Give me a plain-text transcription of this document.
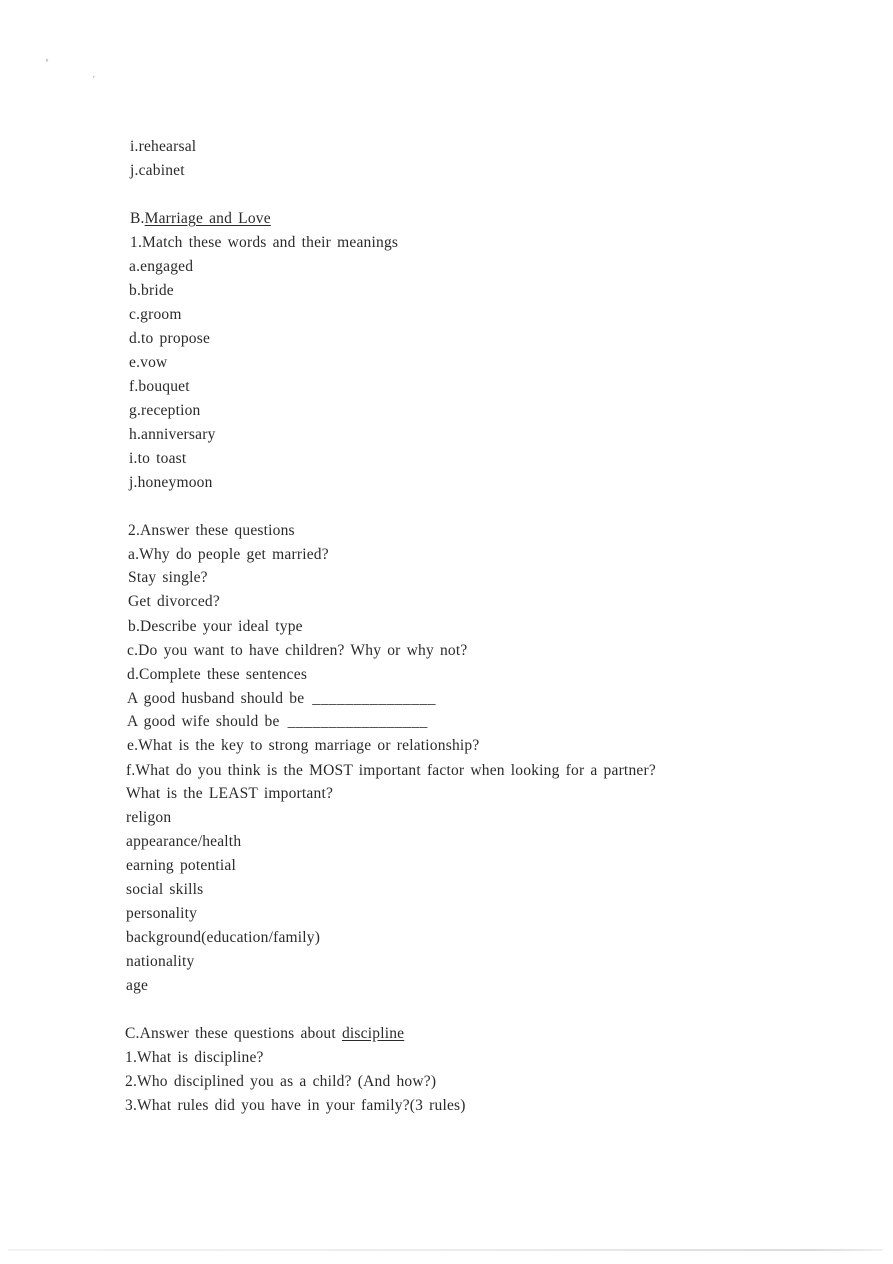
ᵉ
ʹ
i.rehearsal
j.cabinet
B.Marriage and Love
1.Match these words and their meanings
a.engaged
b.bride
c.groom
d.to propose
e.vow
f.bouquet
g.reception
h.anniversary
i.to toast
j.honeymoon
2.Answer these questions
a.Why do people get married?
Stay single?
Get divorced?
b.Describe your ideal type
c.Do you want to have children? Why or why not?
d.Complete these sentences
A good husband should be _______________
A good wife should be _________________
e.What is the key to strong marriage or relationship?
f.What do you think is the MOST important factor when looking for a partner?
What is the LEAST important?
religon
appearance/health
earning potential
social skills
personality
background(education/family)
nationality
age
C.Answer these questions about discipline
1.What is discipline?
2.Who disciplined you as a child? (And how?)
3.What rules did you have in your family?(3 rules)
